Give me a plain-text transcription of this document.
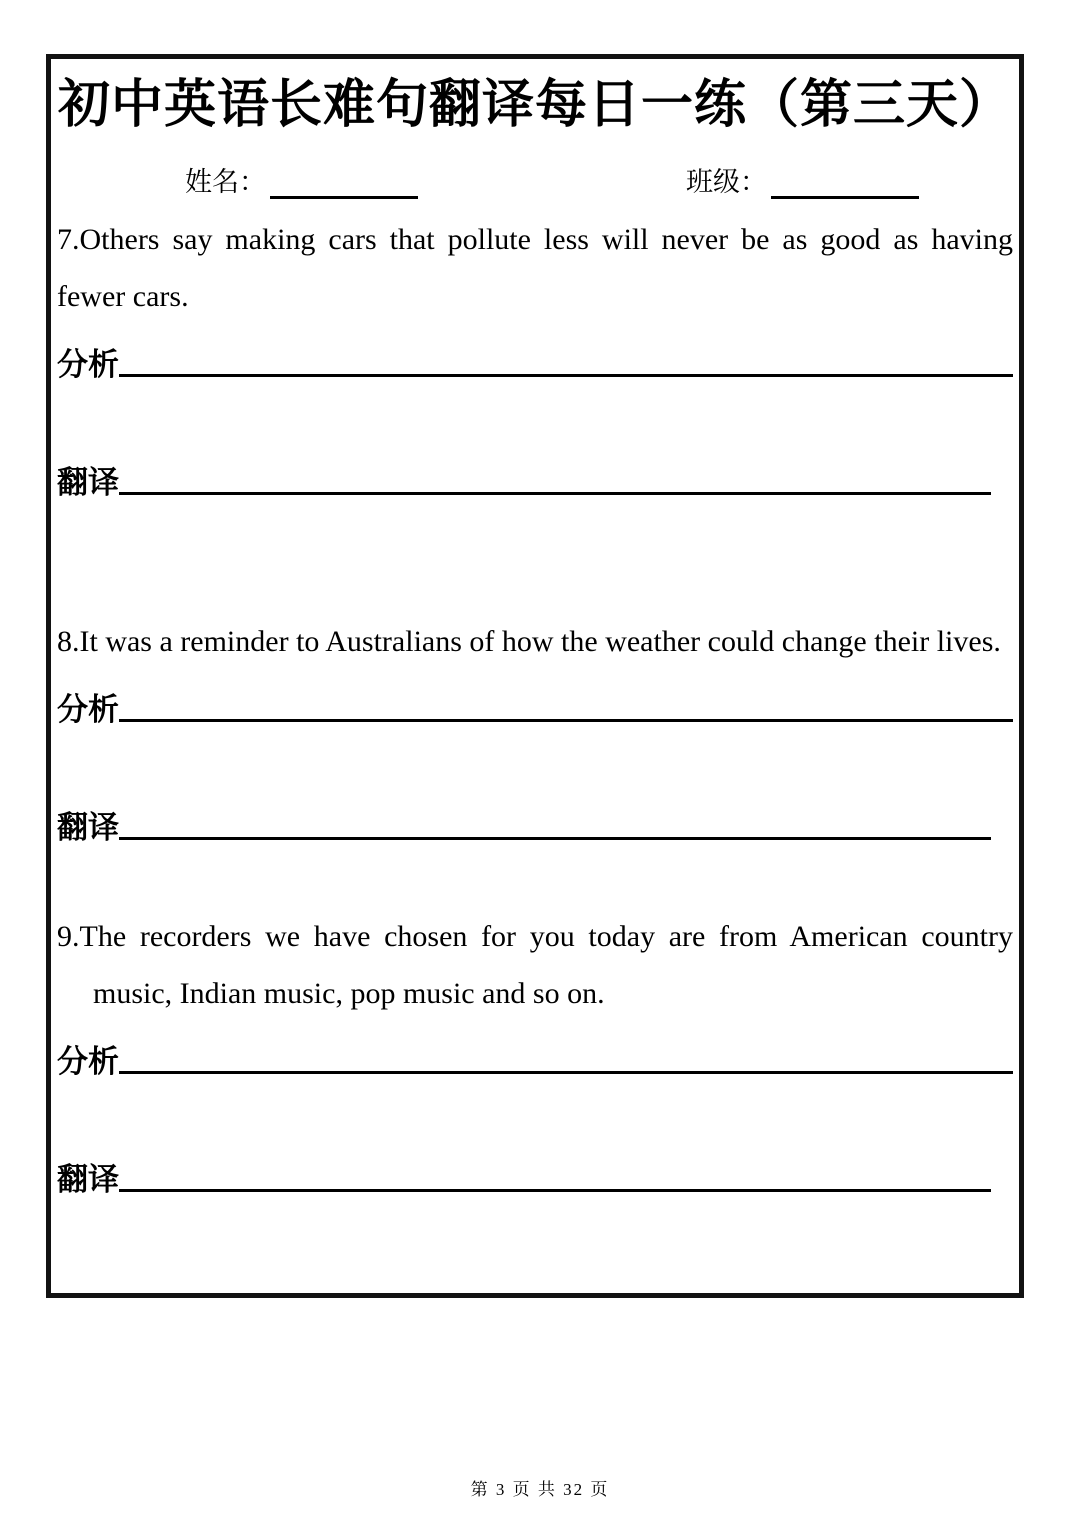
初中英语长难句翻译每日一练（第三天）
姓名：	班级：

7.Others say making cars that pollute less will never be as good as having fewer cars.

分析
翻译

8.It was a reminder to Australians of how the weather could change their lives.

分析
翻译

9.The recorders we have chosen for you today are from American country music, Indian music, pop music and so on.

分析
翻译
第 3 页 共 32 页
